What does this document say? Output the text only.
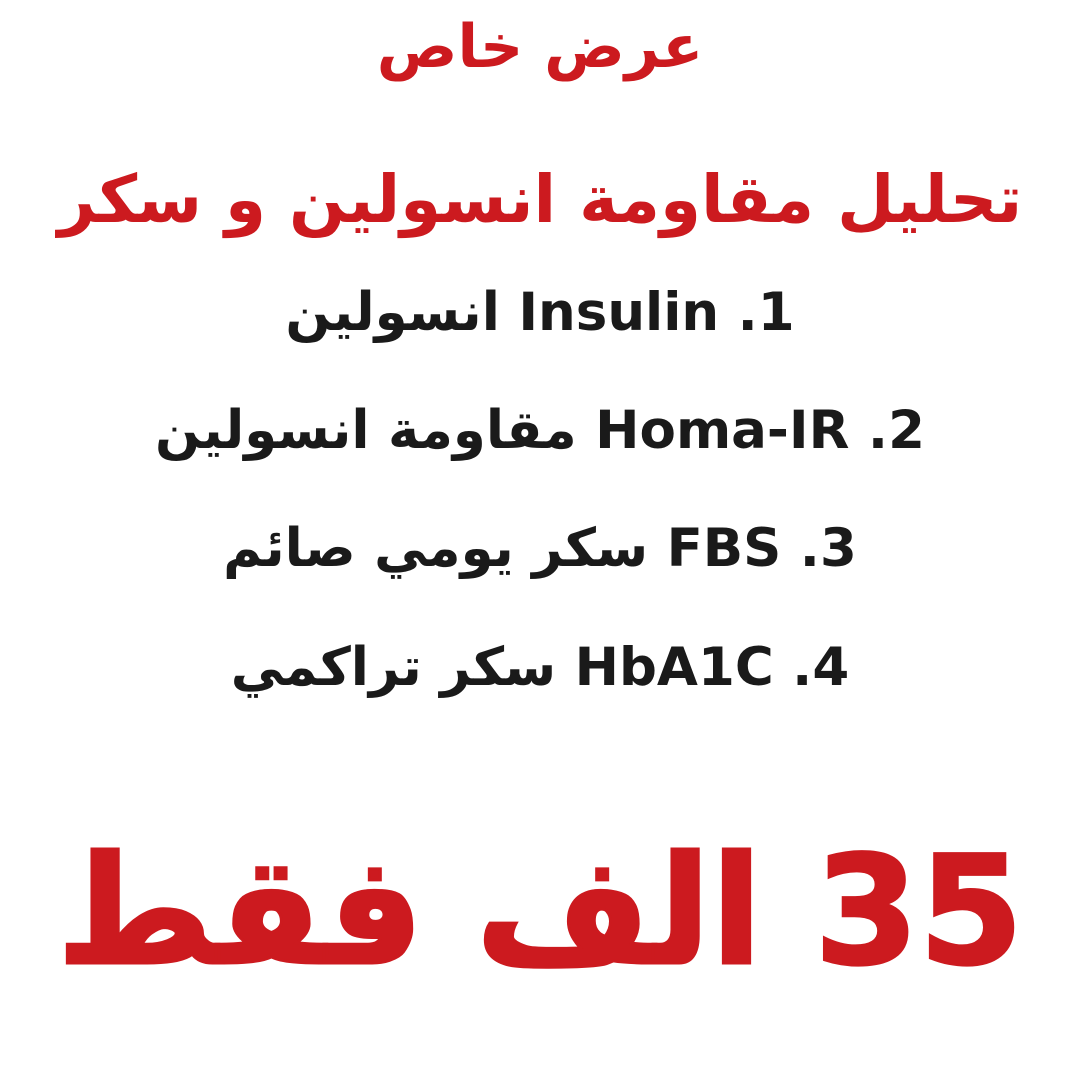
عرض خاص
تحليل مقاومة انسولين و سكر
1. Insulin انسولين
2. Homa-IR مقاومة انسولين
3. FBS سكر يومي صائم
4. HbA1C سكر تراكمي
35 الف فقط
